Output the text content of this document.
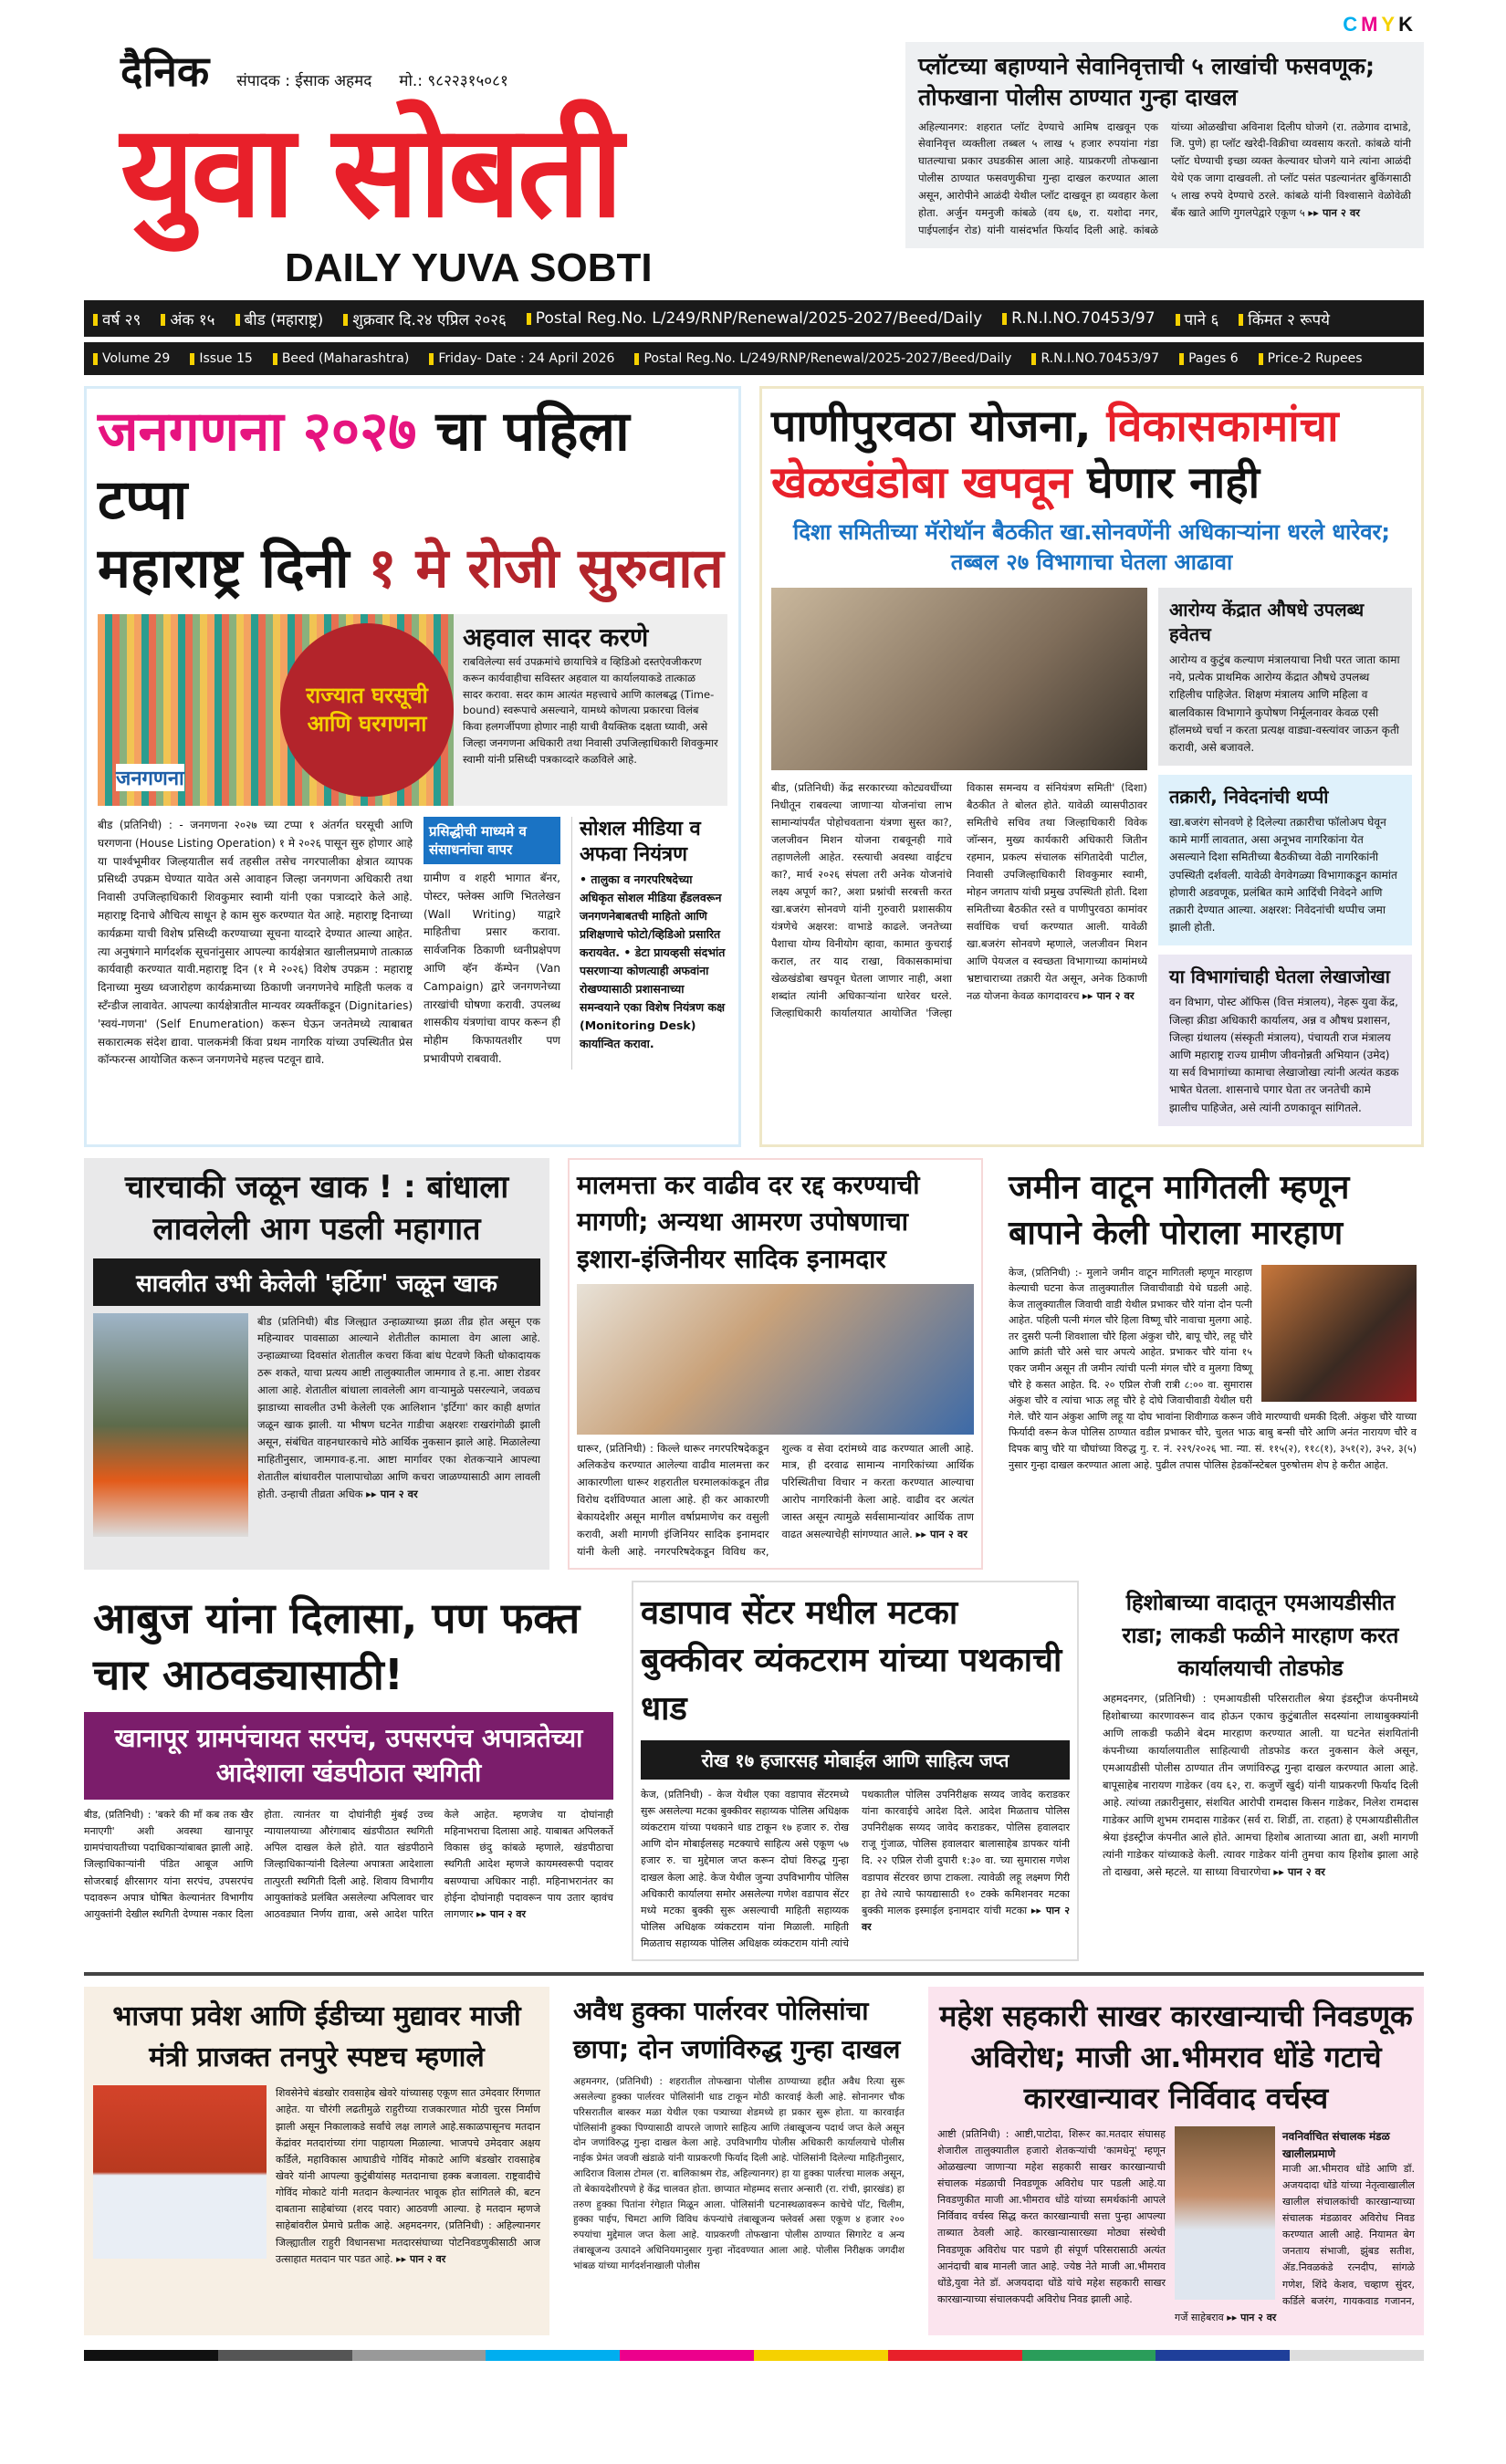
CMYK
दैनिक संपादक : ईसाक अहमद मो.: ९८२२३१५०८१
युवा सोबती
DAILY YUVA SOBTI
प्लॉटच्या बहाण्याने सेवानिवृत्ताची ५ लाखांची फसवणूक; तोफखाना पोलीस ठाण्यात गुन्हा दाखल
अहिल्यानगर: शहरात प्लॉट देण्याचे आमिष दाखवून एक सेवानिवृत्त व्यक्तीला तब्बल ५ लाख ५ हजार रुपयांना गंडा घातल्याचा प्रकार उघडकीस आला आहे. याप्रकरणी तोफखाना पोलीस ठाण्यात फसवणुकीचा गुन्हा दाखल करण्यात आला असून, आरोपीने आळंदी येथील प्लॉट दाखवून हा व्यवहार केला होता. अर्जुन यमनुजी कांबळे (वय ६७, रा. यशोदा नगर, पाईपलाईन रोड) यांनी यासंदर्भात फिर्याद दिली आहे. कांबळे यांच्या ओळखीचा अविनाश दिलीप घोजगे (रा. तळेगाव दाभाडे, जि. पुणे) हा प्लॉट खरेदी-विक्रीचा व्यवसाय करतो. कांबळे यांनी प्लॉट घेण्याची इच्छा व्यक्त केल्यावर घोजगे याने त्यांना आळंदी येथे एक जागा दाखवली. तो प्लॉट पसंत पडल्यानंतर बुकिंगसाठी ५ लाख रुपये देण्याचे ठरले. कांबळे यांनी विश्वासाने वेळोवेळी बँक खाते आणि गुगलपेद्वारे एकूण ५ ▸▸ पान २ वर
वर्ष २९	अंक १५	बीड (महाराष्ट्र)	शुक्रवार दि.२४ एप्रिल २०२६	Postal Reg.No. L/249/RNP/Renewal/2025-2027/Beed/Daily	R.N.I.NO.70453/97	पाने ६	किंमत २ रूपये
Volume 29	Issue 15	Beed (Maharashtra)	Friday- Date : 24 April 2026	Postal Reg.No. L/249/RNP/Renewal/2025-2027/Beed/Daily	R.N.I.NO.70453/97	Pages 6	Price-2 Rupees
जनगणना २०२७ चा पहिला टप्पा
महाराष्ट्र दिनी १ मे रोजी सुरुवात
जनगणना
राज्यात घरसूची आणि घरगणना
अहवाल सादर करणे

राबविलेल्या सर्व उपक्रमांचे छायाचित्रे व व्हिडिओ दस्तऐवजीकरण करून कार्यवाहीचा सविस्तर अहवाल या कार्यालयाकडे तात्काळ सादर करावा. सदर काम आत्यंत महत्त्वाचे आणि कालबद्ध (Time-bound) स्वरूपाचे असल्याने, यामध्ये कोणत्या प्रकारचा विलंब किवा हलगर्जीपणा होणार नाही याची वैयक्तिक दक्षता घ्यावी, असे जिल्हा जनगणना अधिकारी तथा निवासी उपजिल्हाधिकारी शिवकुमार स्वामी यांनी प्रसिध्दी पत्रकाव्दारे कळविले आहे.

बीड (प्रतिनिधी) : - जनगणना २०२७ च्या टप्पा १ अंतर्गत घरसूची आणि घरगणना (House Listing Operation) १ मे २०२६ पासून सुरु होणार आहे या पार्श्वभूमीवर जिल्हयातील सर्व तहसील तसेच नगरपालीका क्षेत्रात व्यापक प्रसिध्दी उपक्रम घेण्यात यावेत असे आवाहन जिल्हा जनगणना अधिकारी तथा निवासी उपजिल्हाधिकारी शिवकुमार स्वामी यांनी एका पत्राव्दारे केले आहे. महाराष्ट्र दिनाचे औचित्य साधून हे काम सुरु करण्यात येत आहे. महाराष्ट्र दिनाच्या कार्यक्रमा याची विशेष प्रसिध्दी करण्याच्या सूचना याव्दारे देण्यात आल्या आहेत. त्या अनुषंगाने मार्गदर्शक सूचनांनुसार आपल्या कार्यक्षेत्रात खालीलप्रमाणे तात्काळ कार्यवाही करण्यात यावी.महाराष्ट्र दिन (१ मे २०२६) विशेष उपक्रम : महाराष्ट्र दिनाच्या मुख्य ध्वजारोहण कार्यक्रमाच्या ठिकाणी जनगणनेचे माहिती फलक व स्टँन्डीज लावावेत. आपल्या कार्यक्षेत्रातील मान्यवर व्यक्तींकडून (Dignitaries) 'स्वयं-गणना' (Self Enumeration) करून घेऊन जनतेमध्ये त्याबाबत सकारात्मक संदेश द्यावा. पालकमंत्री किंवा प्रथम नागरिक यांच्या उपस्थितीत प्रेस कॉन्फरन्स आयोजित करून जनगणनेचे महत्त्व पटवून द्यावे.
प्रसिद्धीची माध्यमे व संसाधनांचा वापर

ग्रामीण व शहरी भागात बॅनर, पोस्टर, फ्लेक्स आणि भितलेखन (Wall Writing) याद्वारे माहितीचा प्रसार करावा. सार्वजनिक ठिकाणी ध्वनीप्रक्षेपण आणि व्हॅन कॅम्पेन (Van Campaign) द्वारे जनगणनेच्या तारखांची घोषणा करावी. उपलब्ध शासकीय यंत्रणांचा वापर करून ही मोहीम किफायतशीर पण प्रभावीपणे राबवावी.

सोशल मीडिया व अफवा नियंत्रण

• तालुका व नगरपरिषदेच्या अधिकृत सोशल मीडिया हँडलवरून जनगणनेबाबतची माहितो आणि प्रशिक्षणाचे फोटो/व्हिडिओ प्रसारित करायवेत. • डेटा प्रायव्हसी संदभांत पसरणाऱ्या कोणत्याही अफवांना रोखण्यासाठी प्रशासनाच्या समन्वयाने एका विशेष नियंत्रण कक्ष (Monitoring Desk) कार्यान्वित करावा.

पाणीपुरवठा योजना, विकासकामांचा
खेळखंडोबा खपवून घेणार नाही
दिशा समितीच्या मॅरोथॉन बैठकीत खा.सोनवणेंनी अधिकाऱ्यांना धरले धारेवर; तब्बल २७ विभागाचा घेतला आढावा
बीड, (प्रतिनिधी) केंद्र सरकारच्या कोट्यवधींच्या निधीतून राबवल्या जाणाऱ्या योजनांचा लाभ सामान्यांपर्यंत पोहोचवताना यंत्रणा सुस्त का?, जलजीवन मिशन योजना राबवूनही गावे तहाणलेली आहेत. रस्त्याची अवस्था वाईटच का?, मार्च २०२६ संपला तरी अनेक योजनांचे लक्ष्य अपूर्ण का?, अशा प्रश्नांची सरबत्ती करत खा.बजरंग सोनवणे यांनी गुरुवारी प्रशासकीय यंत्रणेचे अक्षरश: वाभाडे काढले. जनतेच्या पैशाचा योग्य विनीयोग व्हावा, कामात कुचराई कराल, तर याद राखा, विकासकामांचा खेळखंडोबा खपवून घेतला जाणार नाही, अशा शब्दांत त्यांनी अधिकाऱ्यांना धारेवर धरले. जिल्हाधिकारी कार्यालयात आयोजित 'जिल्हा विकास समन्वय व संनियंत्रण समिती' (दिशा) बैठकीत ते बोलत होते. यावेळी व्यासपीठावर समितीचे सचिव तथा जिल्हाधिकारी विवेक जॉन्सन, मुख्य कार्यकारी अधिकारी जितीन रहमान, प्रकल्प संचालक संगितादेवी पाटील, निवासी उपजिल्हाधिकारी शिवकुमार स्वामी, मोहन जगताप यांची प्रमुख उपस्थिती होती. दिशा समितीच्या बैठकीत रस्ते व पाणीपुरवठा कामांवर सर्वाधिक चर्चा करण्यात आली. यावेळी खा.बजरंग सोनवणे म्हणाले, जलजीवन मिशन आणि पेयजल व स्वच्छता विभागाच्या कामांमध्ये भ्रष्टाचाराच्या तक्रारी येत असून, अनेक ठिकाणी नळ योजना केवळ कागदावरच ▸▸ पान २ वर
आरोग्य केंद्रात औषधे उपलब्ध हवेतच

आरोग्य व कुटुंब कल्याण मंत्रालयाचा निधी परत जाता कामा नये, प्रत्येक प्राथमिक आरोग्य केंद्रात औषधे उपलब्ध राहिलीच पाहिजेत. शिक्षण मंत्रालय आणि महिला व बालविकास विभागाने कुपोषण निर्मूलनावर केवळ एसी हॉलमध्ये चर्चा न करता प्रत्यक्ष वाड्या-वस्त्यांवर जाऊन कृती करावी, असे बजावले.

तक्रारी, निवेदनांची थप्पी

खा.बजरंग सोनवणे हे दिलेल्या तक्रारीचा फॉलोअप घेवून कामे मार्गी लावतात, असा अनूभव नागरिकांना येत असल्याने दिशा समितीच्या बैठकीच्या वेळी नागरिकांनी उपस्थिती दर्शवली. यावेळी वेगवेगळ्या विभागाकडून कामांत होणारी अडवणूक, प्रलंबित कामे आदिंची निवेदने आणि तक्रारी देण्यात आल्या. अक्षरश: निवेदनांची थप्पीच जमा झाली होती.

या विभागांचाही घेतला लेखाजोखा

वन विभाग, पोस्ट ऑफिस (वित्त मंत्रालय), नेहरू युवा केंद्र, जिल्हा क्रीडा अधिकारी कार्यालय, अन्न व औषध प्रशासन, जिल्हा ग्रंथालय (संस्कृती मंत्रालय), पंचायती राज मंत्रालय आणि महाराष्ट्र राज्य ग्रामीण जीवनोन्नती अभियान (उमेद) या सर्व विभागांच्या कामाचा लेखाजोखा त्यांनी अत्यंत कडक भाषेत घेतला. शासनाचे पगार घेता तर जनतेची कामे झालीच पाहिजेत, असे त्यांनी ठणकावून सांगितले.

चारचाकी जळून खाक ! : बांधाला लावलेली आग पडली महागात
सावलीत उभी केलेली 'इर्टिगा' जळून खाक

बीड (प्रतिनिधी) बीड जिल्ह्यात उन्हाळ्याच्या झळा तीव्र होत असून एक महिन्यावर पावसाळा आल्याने शेतीतील कामाला वेग आला आहे. उन्हाळ्याच्या दिवसांत शेतातील कचरा किंवा बांध पेटवणे किती धोकादायक ठरू शकते, याचा प्रत्यय आष्टी तालुक्यातील जामगाव ते ह.ना. आष्टा रोडवर आला आहे. शेतातील बांधाला लावलेली आग वाऱ्यामुळे पसरल्याने, जवळच झाडाच्या सावलीत उभी केलेली एक आलिशान 'इर्टिगा' कार काही क्षणांत जळून खाक झाली. या भीषण घटनेत गाडीचा अक्षरशः राखरांगोळी झाली असून, संबंधित वाहनधारकाचे मोठे आर्थिक नुकसान झाले आहे. मिळालेल्या माहितीनुसार, जामगाव-ह.ना. आष्टा मार्गावर एका शेतकऱ्याने आपल्या शेतातील बांधावरील पालापाचोळा आणि कचरा जाळण्यासाठी आग लावली होती. उन्हाची तीव्रता अधिक ▸▸ पान २ वर

मालमत्ता कर वाढीव दर रद्द करण्याची मागणी; अन्यथा आमरण उपोषणाचा इशारा-इंजिनीयर सादिक इनामदार

धारूर, (प्रतिनिधी) : किल्ले धारूर नगरपरिषदेकडून अलिकडेच करण्यात आलेल्या वाढीव मालमत्ता कर आकारणीला धारूर शहरातील घरमालकांकडून तीव्र विरोध दर्शविण्यात आला आहे. ही कर आकारणी बेकायदेशीर असून मागील वर्षाप्रमाणेच कर वसुली करावी, अशी मागणी इंजिनियर सादिक इनामदार यांनी केली आहे. नगरपरिषदेकडून विविध कर, शुल्क व सेवा दरांमध्ये वाढ करण्यात आली आहे. मात्र, ही दरवाढ सामान्य नागरिकांच्या आर्थिक परिस्थितीचा विचार न करता करण्यात आल्याचा आरोप नागरिकांनी केला आहे. वाढीव दर अत्यंत जास्त असून त्यामुळे सर्वसामान्यांवर आर्थिक ताण वाढत असल्याचेही सांगण्यात आले. ▸▸ पान २ वर

जमीन वाटून मागितली म्हणून बापाने केली पोराला मारहाण

केज, (प्रतिनिधी) :- मुलाने जमीन वाटून मागितली म्हणून मारहाण केल्याची घटना केज तालुक्यातील जिवाचीवाडी येथे घडली आहे. केज तालुक्यातील जिवाची वाडी येथील प्रभाकर चौरे यांना दोन पत्नी आहेत. पहिली पत्नी मंगल चौरे हिला विष्णू चौरे नावाचा मुलगा आहे. तर दुसरी पत्नी शिवशाला चौरे हिला अंकुश चौरे, बापू चौरे, लहू चौरे आणि क्रांती चौरे असे चार अपत्ये आहेत. प्रभाकर चौरे यांना १५ एकर जमीन असून ती जमीन त्यांची पत्नी मंगल चौरे व मुलगा विष्णू चौरे हे कसत आहेत. दि. २० एप्रिल रोजी रात्री ८:०० वा. सुमारास अंकुश चौरे व त्यांचा भाऊ लहू चौरे हे दोघे जिवाचीवाडी येथील घरी गेले. चौरे यान अंकुश आणि लहू या दोघ भावांना शिवीगाळ करून जीवे मारण्याची धमकी दिली. अंकुश चौरे याच्या फिर्यादी वरून केज पोलिस ठाण्यात वडील प्रभाकर चौरे, चुलत भाऊ बाबु बन्सी चौरे आणि अनंत नारायण चौरे व दिपक बापु चौरे या चौघांच्या विरुद्ध गु. र. नं. २२९/२०२६ भा. न्या. सं. ११५(२), ११८(१), ३५१(२), ३५२, ३(५) नुसार गुन्हा दाखल करण्यात आला आहे. पुढील तपास पोलिस हेडकॉन्स्टेबल पुरुषोत्तम शेप हे करीत आहेत.

आबुज यांना दिलासा, पण फक्त चार आठवड्यासाठी!
खानापूर ग्रामपंचायत सरपंच, उपसरपंच अपात्रतेच्या आदेशाला खंडपीठात स्थगिती

बीड, (प्रतिनिधी) : 'बकरे की माँ कब तक खैर मनाएगी' अशी अवस्था खानापूर ग्रामपंचायतीच्या पदाधिकाऱ्यांबाबत झाली आहे. जिल्हाधिकाऱ्यांनी पंडित आबूज आणि सोजरबाई क्षीरसागर यांना सरपंच, उपसरपंच पदावरून अपात्र घोषित केल्यानंतर विभागीय आयुक्तांनी देखील स्थगिती देण्यास नकार दिला होता. त्यानंतर या दोघांनीही मुंबई उच्च न्यायालयाच्या औरंगाबाद खंडपीठात स्थगिती अपिल दाखल केले होते. यात खंडपीठाने जिल्हाधिकाऱ्यांनी दिलेल्या अपात्रता आदेशाला तात्पुरती स्थगिती दिली आहे. शिवाय विभागीय आयुक्तांकडे प्रलंबित असलेल्या अपिलावर चार आठवड्यात निर्णय द्यावा, असे आदेश पारित केले आहेत. म्हणजेच या दोघांनाही महिनाभराचा दिलासा आहे. याबाबत अपिलकर्ते विकास छंदु कांबळे म्हणाले, खंडपीठाचा स्थगिती आदेश म्हणजे कायमस्वरूपी पदावर बसण्याचा अधिकार नाही. महिनाभरानंतर का होईना दोघांनाही पदावरून पाय उतार व्हावंच लागणार ▸▸ पान २ वर

वडापाव सेंटर मधील मटका बुक्कीवर व्यंकटराम यांच्या पथकाची धाड
रोख १७ हजारसह मोबाईल आणि साहित्य जप्त

केज, (प्रतिनिधी) - केज येथील एका वडापाव सेंटरमध्ये सुरू असलेल्या मटका बुक्कीवर सहाय्यक पोलिस अधिक्षक व्यंकटराम यांच्या पथकाने धाड टाकून १७ हजार रु. रोख आणि दोन मोबाईलसह मटक्याचे साहित्य असे एकूण ५७ हजार रु. चा मुद्देमाल जप्त करून दोघां विरुद्ध गुन्हा दाखल केला आहे. केज येथील जुन्या उपविभागीय पोलिस अधिकारी कार्यालया समोर असलेल्या गणेश वडापाव सेंटर मध्ये मटका बुक्की सुरू असल्याची माहिती सहाय्यक पोलिस अधिक्षक व्यंकटराम यांना मिळाली. माहिती मिळताच सहाय्यक पोलिस अधिक्षक व्यंकटराम यांनी त्यांचे पथकातील पोलिस उपनिरीक्षक सय्यद जावेद कराडकर यांना कारवाईचे आदेश दिले. आदेश मिळताच पोलिस उपनिरीक्षक सय्यद जावेद कराडकर, पोलिस हवालदार राजू गुंजाळ, पोलिस हवालदार बालासाहेब डापकर यांनी दि. २२ एप्रिल रोजी दुपारी १:३० वा. च्या सुमारास गणेश वडापाव सेंटरवर छापा टाकला. त्यावेळी लहू लक्ष्मण गिरी हा तेथे त्याचे फायद्यासाठी १० टक्के कमिशनवर मटका बुक्की मालक इस्माईल इनामदार यांची मटका ▸▸ पान २ वर

हिशोबाच्या वादातून एमआयडीसीत राडा; लाकडी फळीने मारहाण करत कार्यालयाची तोडफोड

अहमदनगर, (प्रतिनिधी) : एमआयडीसी परिसरातील श्रेया इंडस्ट्रीज कंपनीमध्ये हिशोबाच्या कारणावरून वाद होऊन एकाच कुटुंबातील सदस्यांना लाथाबुक्क्यांनी आणि लाकडी फळीने बेदम मारहाण करण्यात आली. या घटनेत संशयितांनी कंपनीच्या कार्यालयातील साहित्याची तोडफोड करत नुकसान केले असून, एमआयडीसी पोलीस ठाण्यात तीन जणांविरुद्ध गुन्हा दाखल करण्यात आला आहे. बापूसाहेब नारायण गाडेकर (वय ६२, रा. कजुर्णे खुर्द) यांनी याप्रकरणी फिर्याद दिली आहे. त्यांच्या तक्रारीनुसार, संशयित आरोपी रामदास किसन गाडेकर, निलेश रामदास गाडेकर आणि शुभम रामदास गाडेकर (सर्व रा. शिर्डी, ता. राहता) हे एमआयडीसीतील श्रेया इंडस्ट्रीज कंपनीत आले होते. आमचा हिशोब आताच्या आता द्या, अशी मागणी त्यांनी गाडेकर यांच्याकडे केली. त्यावर गाडेकर यांनी तुमचा काय हिशोब झाला आहे तो दाखवा, असे म्हटले. या साध्या विचारणेचा ▸▸ पान २ वर

भाजपा प्रवेश आणि ईडीच्या मुद्यावर माजी मंत्री प्राजक्त तनपुरे स्पष्टच म्हणाले

शिवसेनेचे बंडखोर रावसाहेब खेवरे यांच्यासह एकूण सात उमेदवार रिंगणात आहेत. या चौरंगी लढतीमुळे राहुरीच्या राजकारणात मोठी चुरस निर्माण झाली असून निकालाकडे सर्वांचे लक्ष लागले आहे.सकाळपासूनच मतदान केंद्रांवर मतदारांच्या रांगा पाहायला मिळाल्या. भाजपचे उमेदवार अक्षय कर्डिले, महाविकास आघाडीचे गोविंद मोकाटे आणि बंडखोर रावसाहेब खेवरे यांनी आपल्या कुटुंबीयांसह मतदानाचा हक्क बजावला. राष्ट्रवादीचे गोविंद मोकाटे यांनी मतदान केल्यानंतर भावूक होत सांगितले की, बटन दाबताना साहेबांच्या (शरद पवार) आठवणी आल्या. हे मतदान म्हणजे साहेबांवरील प्रेमाचे प्रतीक आहे. अहमदनगर, (प्रतिनिधी) : अहिल्यानगर जिल्ह्यातील राहुरी विधानसभा मतदारसंघाच्या पोटनिवडणुकीसाठी आज उत्साहात मतदान पार पडत आहे. ▸▸ पान २ वर

अवैध हुक्का पार्लरवर पोलिसांचा छापा; दोन जणांविरुद्ध गुन्हा दाखल

अहमनगर, (प्रतिनिधी) : शहरातील तोफखाना पोलीस ठाण्याच्या हद्दीत अवैध रित्या सुरू असलेल्या हुक्का पार्लरवर पोलिसांनी धाड टाकून मोठी कारवाई केली आहे. सोनानगर चौक परिसरातील बास्कर मळा येथील एका पत्र्याच्या शेडमध्ये हा प्रकार सुरू होता. या कारवाईत पोलिसांनी हुक्का पिण्यासाठी वापरले जाणारे साहित्य आणि तंबाखूजन्य पदार्थ जप्त केले असून दोन जणांविरुद्ध गुन्हा दाखल केला आहे. उपविभागीय पोलीस अधिकारी कार्यालयाचे पोलीस नाईक प्रेमंत जवजी खंडाळे यांनी याप्रकरणी फिर्याद दिली आहे. पोलिसांनी दिलेल्या माहितीनुसार, आदिराज विलास टोमल (रा. बालिकाश्रम रोड, अहिल्यानगर) हा या हुक्का पार्लरचा मालक असून, तो बेकायदेशीरपणे हे केंद्र चालवत होता. छाप्यात मोहम्मद सत्तार अन्सारी (रा. रांची, झारखंड) हा तरुण हुक्का पितांना रंगेहात मिळून आला. पोलिसांनी घटनास्थळावरून काचेचे पॉट, चिलीम, हुक्का पाईप, चिमटा आणि विविध कंपन्यांचे तंबाखूजन्य फ्लेवर्स असा एकूण ४ हजार २०० रुपयांचा मुद्देमाल जप्त केला आहे. याप्रकरणी तोफखाना पोलीस ठाण्यात सिगारेट व अन्य तंबाखूजन्य उत्पादने अधिनियमानुसार गुन्हा नोंदवण्यात आला आहे. पोलीस निरीक्षक जगदीश भांबळ यांच्या मार्गदर्शनाखाली पोलीस

महेश सहकारी साखर कारखान्याची निवडणूक अविरोध; माजी आ.भीमराव धोंडे गटाचे कारखान्यावर निर्विवाद वर्चस्व

आष्टी (प्रतिनिधी) : आष्टी,पाटोदा, शिरूर का.मतदार संघासह शेजारील तालुक्यातील हजारो शेतकऱ्यांची 'कामधेनू' म्हणून ओळखल्या जाणाऱ्या महेश सहकारी साखर कारखान्याची संचालक मंडळाची निवडणूक अविरोध पार पडली आहे.या निवडणुकीत माजी आ.भीमराव धोंडे यांच्या समर्थकांनी आपले निर्विवाद वर्चस्व सिद्ध करत कारखान्याची सत्ता पुन्हा आपल्या ताब्यात ठेवली आहे. कारखान्यासारख्या मोठ्या संस्थेची निवडणूक अविरोध पार पडणे ही संपूर्ण परिसरासाठी अत्यंत आनंदाची बाब मानली जात आहे. ज्येष्ठ नेते माजी आ.भीमराव धोंडे,युवा नेते डॉ. अजयदादा धोंडे यांचे महेश सहकारी साखर कारखान्याच्या संचालकपदी अविरोध निवड झाली आहे.

नवनिर्वाचित संचालक मंडळ खालीलप्रमाणे

माजी आ.भीमराव धोंडे आणि डॉ. अजयदादा धोंडे यांच्या नेतृत्वाखालील खालील संचालकांची कारखान्याच्या संचालक मंडळावर अविरोध निवड करण्यात आली आहे. नियामत बेग जनताय संभाजी, झुंबड सतीश, ॲड.निवळकंडे रत्नदीप, सांगळे गणेश, शिंदे केशव, चव्हाण सुंदर, कर्डिले बजरंग, गायकवाड गजानन, गर्जे साहेबराव ▸▸ पान २ वर
